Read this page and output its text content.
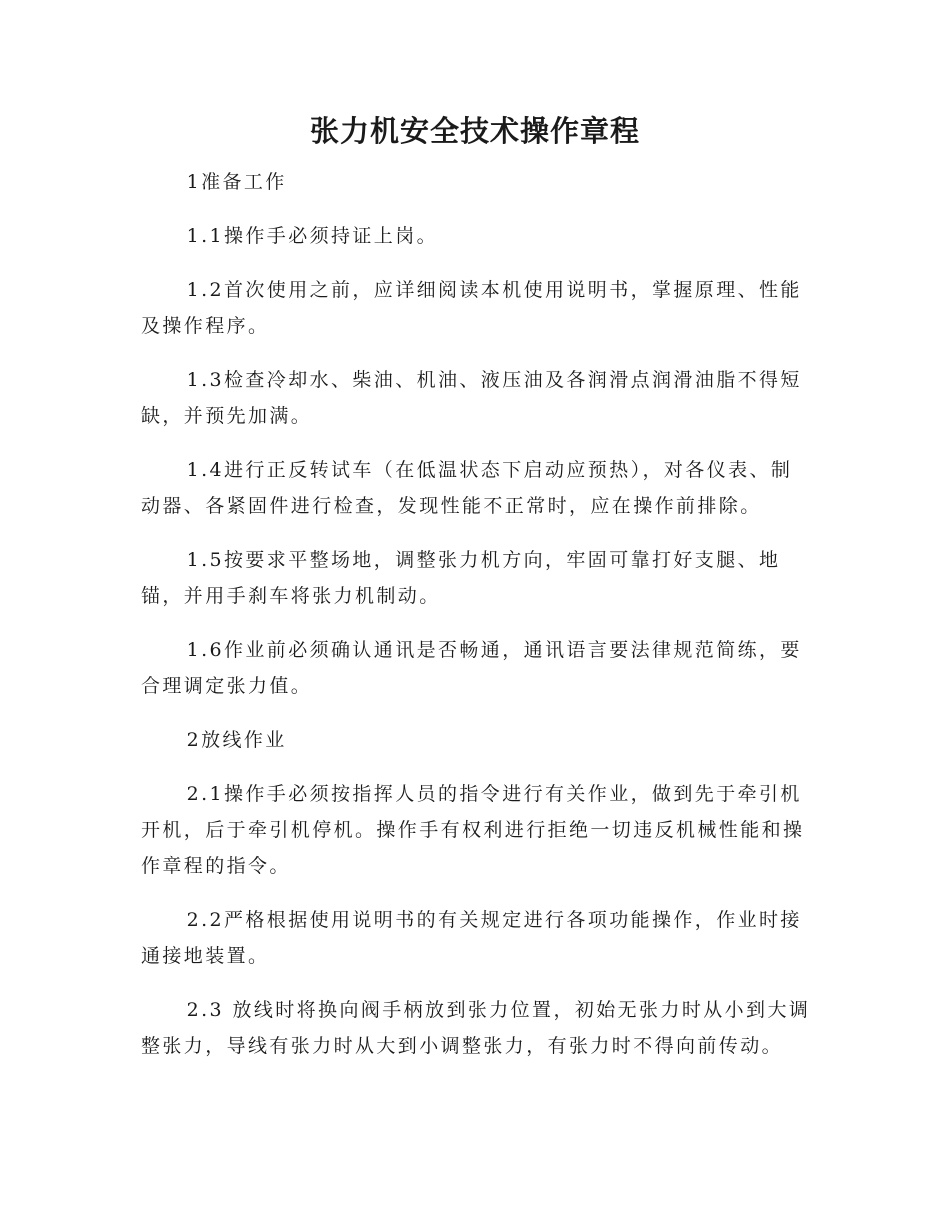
张力机安全技术操作章程

1准备工作

1.1操作手必须持证上岗。

1.2首次使用之前，应详细阅读本机使用说明书，掌握原理、性能及操作程序。

1.3检查冷却水、柴油、机油、液压油及各润滑点润滑油脂不得短缺，并预先加满。

1.4进行正反转试车（在低温状态下启动应预热），对各仪表、制动器、各紧固件进行检查，发现性能不正常时，应在操作前排除。

1.5按要求平整场地，调整张力机方向，牢固可靠打好支腿、地锚，并用手刹车将张力机制动。

1.6作业前必须确认通讯是否畅通，通讯语言要法律规范简练，要合理调定张力值。

2放线作业

2.1操作手必须按指挥人员的指令进行有关作业，做到先于牵引机开机，后于牵引机停机。操作手有权利进行拒绝一切违反机械性能和操作章程的指令。

2.2严格根据使用说明书的有关规定进行各项功能操作，作业时接通接地装置。

2.3 放线时将换向阀手柄放到张力位置，初始无张力时从小到大调整张力，导线有张力时从大到小调整张力，有张力时不得向前传动。
